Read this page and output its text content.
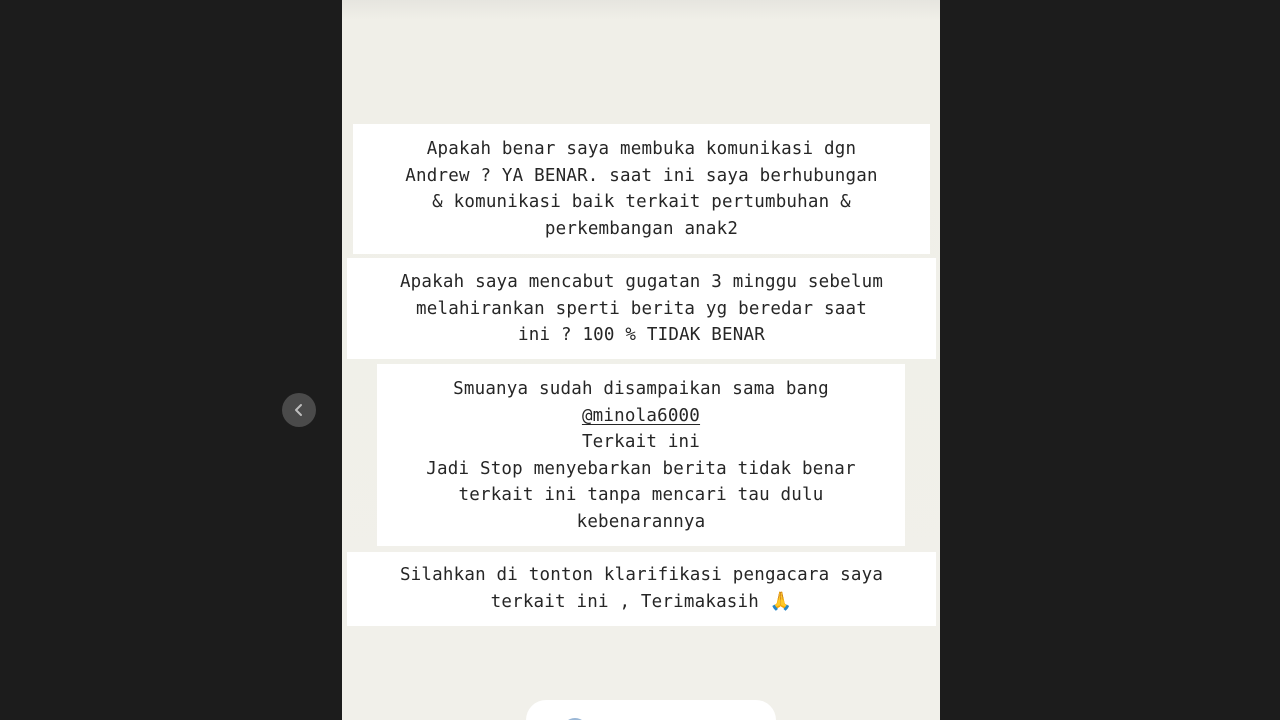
Apakah benar saya membuka komunikasi dgn

Andrew ? YA BENAR. saat ini saya berhubungan

& komunikasi baik terkait pertumbuhan &

perkembangan anak2

Apakah saya mencabut gugatan 3 minggu sebelum

melahirankan sperti berita yg beredar saat

ini ? 100 % TIDAK BENAR

Smuanya sudah disampaikan sama bang

@minola6000

Terkait ini

Jadi Stop menyebarkan berita tidak benar

terkait ini tanpa mencari tau dulu

kebenarannya

Silahkan di tonton klarifikasi pengacara saya

terkait ini , Terimakasih 🙏
